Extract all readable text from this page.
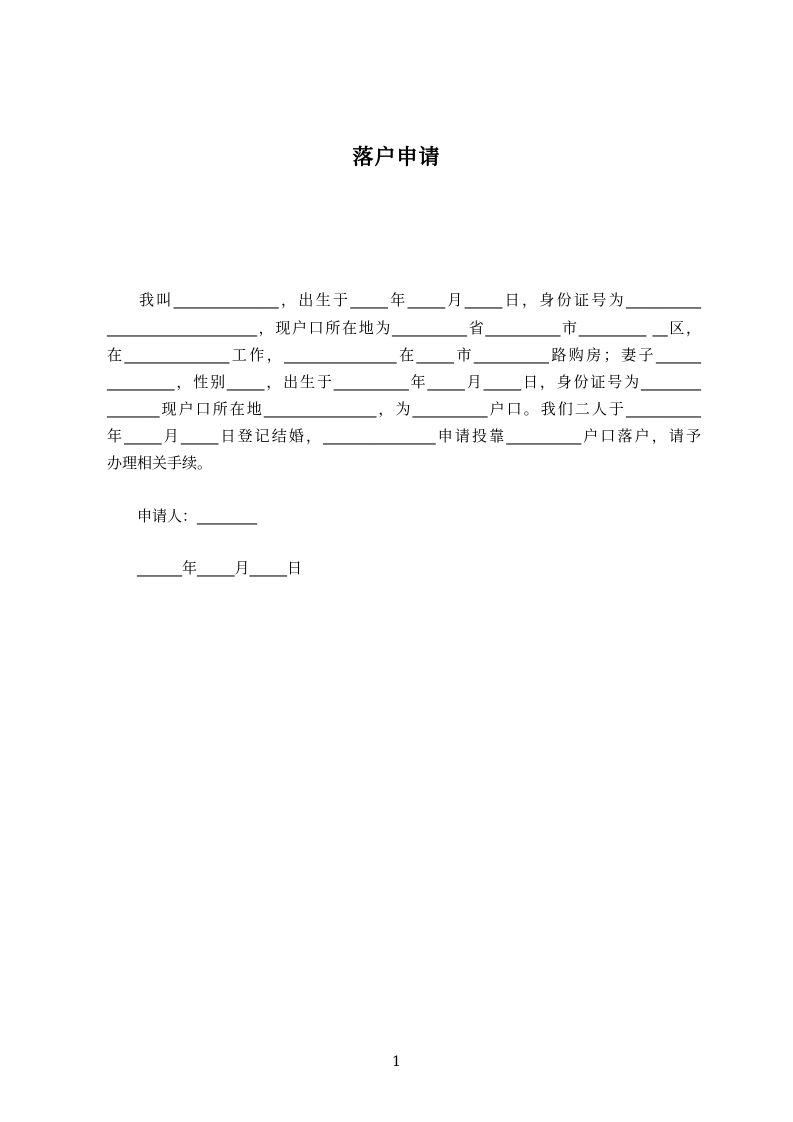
落户申请
我叫______________，出生于_____年_____月_____日，身份证号为__________
____________________，现户口所在地为__________省__________市_________ __区，
在______________工作，_______________在_____市__________路购房；妻子______
_________，性别_____，出生于__________年_____月_____日，身份证号为________
_______现户口所在地_______________，为__________户口。我们二人于__________
年_____月_____日登记结婚，_______________申请投靠__________户口落户，请予
办理相关手续。
申请人：________
______年_____月_____日
1
